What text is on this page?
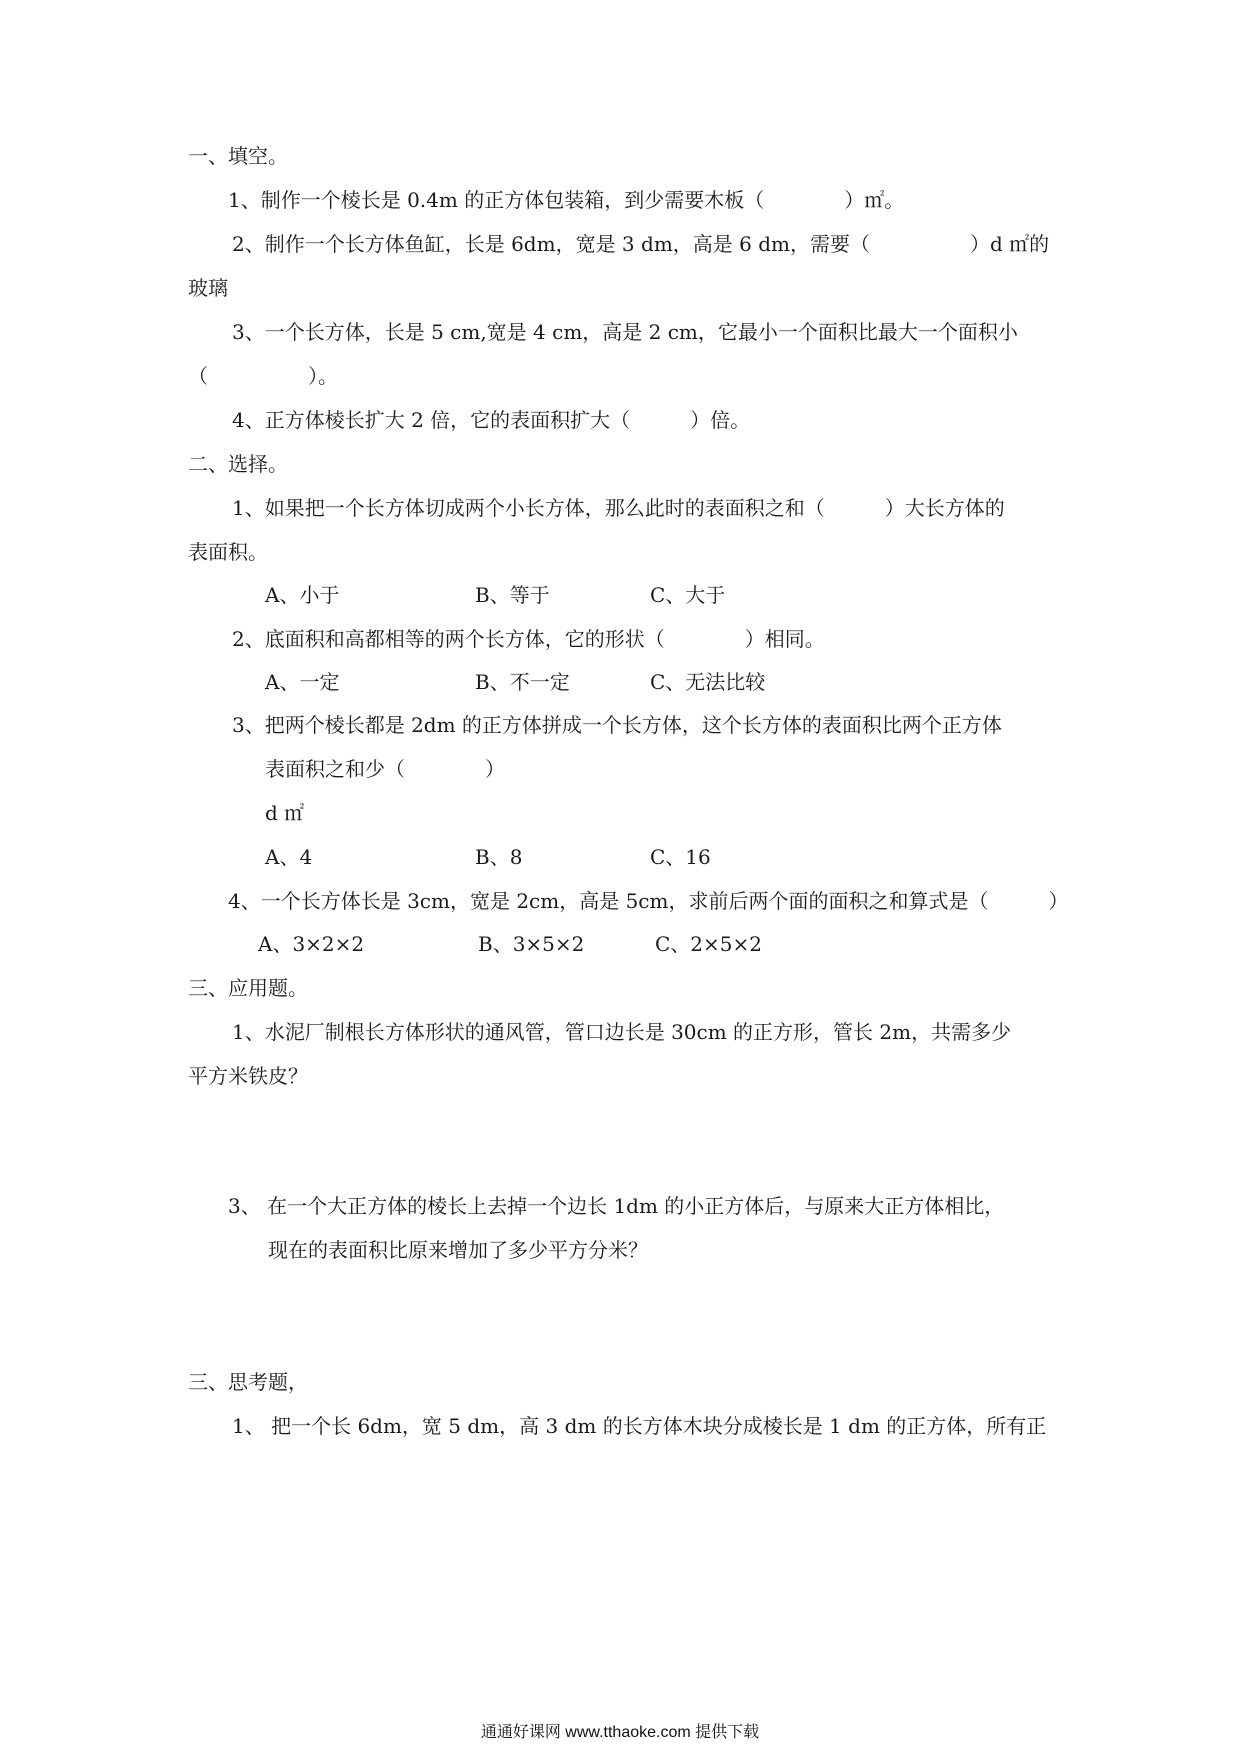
一、填空。
1、制作一个棱长是 0.4m 的正方体包装箱，到少需要木板（　　　　）㎡。
2、制作一个长方体鱼缸，长是 6dm，宽是 3 dm，高是 6 dm，需要（　　　　　）d ㎡的
玻璃
3、一个长方体，长是 5 cm,宽是 4 cm，高是 2 cm，它最小一个面积比最大一个面积小
（　　　　　）。
4、正方体棱长扩大 2 倍，它的表面积扩大（　　　）倍。
二、选择。
1、如果把一个长方体切成两个小长方体，那么此时的表面积之和（　　　）大长方体的
表面积。
A、小于	B、等于	C、大于
2、底面积和高都相等的两个长方体，它的形状（　　　　）相同。
A、一定	B、不一定	C、无法比较
3、把两个棱长都是 2dm 的正方体拼成一个长方体，这个长方体的表面积比两个正方体
表面积之和少（　　　　）
d ㎡
A、4	B、8	C、16
4、一个长方体长是 3cm，宽是 2cm，高是 5cm，求前后两个面的面积之和算式是（　　　）
A、3×2×2	B、3×5×2	C、2×5×2
三、应用题。
1、水泥厂制根长方体形状的通风管，管口边长是 30cm 的正方形，管长 2m，共需多少
平方米铁皮？
3、 在一个大正方体的棱长上去掉一个边长 1dm 的小正方体后，与原来大正方体相比，
现在的表面积比原来增加了多少平方分米？
三、思考题，
1、 把一个长 6dm，宽 5 dm，高 3 dm 的长方体木块分成棱长是 1 dm 的正方体，所有正
通通好课网 www.tthaoke.com 提供下载
